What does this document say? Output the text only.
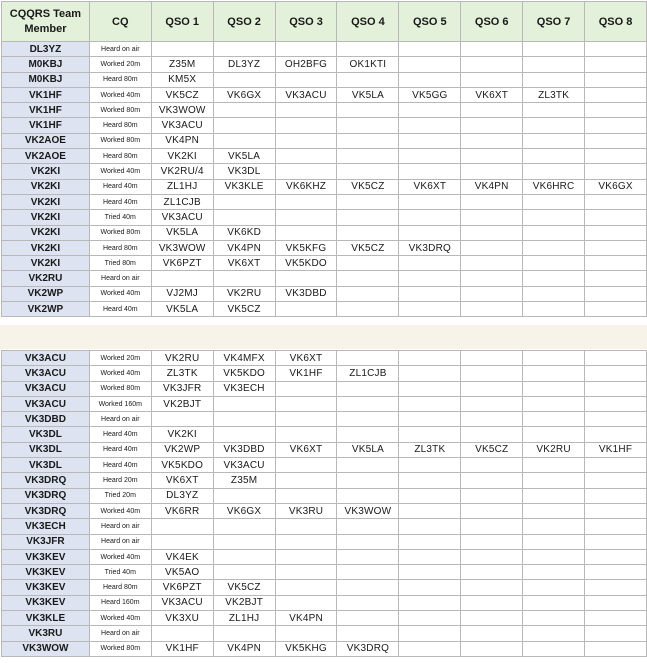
CQQRS Team Member	CQ	QSO 1	QSO 2	QSO 3	QSO 4	QSO 5	QSO 6	QSO 7	QSO 8
DL3YZ	Heard on air								
M0KBJ	Worked 20m	Z35M	DL3YZ	OH2BFG	OK1KTI				
M0KBJ	Heard 80m	KM5X							
VK1HF	Worked 40m	VK5CZ	VK6GX	VK3ACU	VK5LA	VK5GG	VK6XT	ZL3TK	
VK1HF	Worked 80m	VK3WOW							
VK1HF	Heard 80m	VK3ACU							
VK2AOE	Worked 80m	VK4PN							
VK2AOE	Heard 80m	VK2KI	VK5LA						
VK2KI	Worked 40m	VK2RU/4	VK3DL						
VK2KI	Heard 40m	ZL1HJ	VK3KLE	VK6KHZ	VK5CZ	VK6XT	VK4PN	VK6HRC	VK6GX
VK2KI	Heard 40m	ZL1CJB							
VK2KI	Tried 40m	VK3ACU							
VK2KI	Worked 80m	VK5LA	VK6KD						
VK2KI	Heard 80m	VK3WOW	VK4PN	VK5KFG	VK5CZ	VK3DRQ			
VK2KI	Tried 80m	VK6PZT	VK6XT	VK5KDO					
VK2RU	Heard on air								
VK2WP	Worked 40m	VJ2MJ	VK2RU	VK3DBD					
VK2WP	Heard 40m	VK5LA	VK5CZ						
VK3ACU	Worked 20m	VK2RU	VK4MFX	VK6XT					
VK3ACU	Worked 40m	ZL3TK	VK5KDO	VK1HF	ZL1CJB				
VK3ACU	Worked 80m	VK3JFR	VK3ECH						
VK3ACU	Worked 160m	VK2BJT							
VK3DBD	Heard on air								
VK3DL	Heard 40m	VK2KI							
VK3DL	Heard 40m	VK2WP	VK3DBD	VK6XT	VK5LA	ZL3TK	VK5CZ	VK2RU	VK1HF
VK3DL	Heard 40m	VK5KDO	VK3ACU						
VK3DRQ	Heard 20m	VK6XT	Z35M						
VK3DRQ	Tried 20m	DL3YZ							
VK3DRQ	Worked 40m	VK6RR	VK6GX	VK3RU	VK3WOW				
VK3ECH	Heard on air								
VK3JFR	Heard on air								
VK3KEV	Worked 40m	VK4EK							
VK3KEV	Tried 40m	VK5AO							
VK3KEV	Heard 80m	VK6PZT	VK5CZ						
VK3KEV	Heard 160m	VK3ACU	VK2BJT						
VK3KLE	Worked 40m	VK3XU	ZL1HJ	VK4PN					
VK3RU	Heard on air								
VK3WOW	Worked 80m	VK1HF	VK4PN	VK5KHG	VK3DRQ				
